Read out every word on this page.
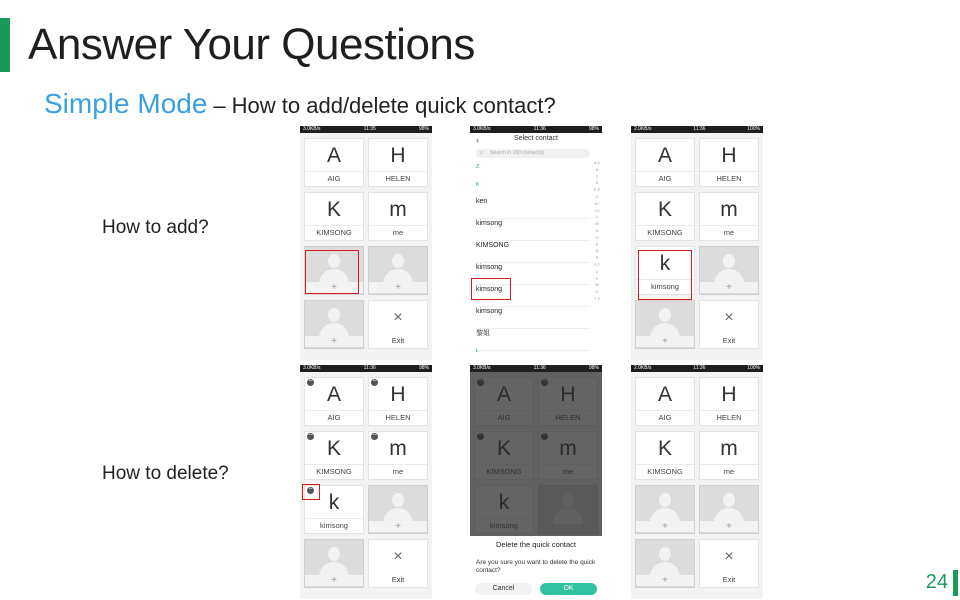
Answer Your Questions
Simple Mode – How to add/delete quick contact?
How to add?
How to delete?
3.0KB/s	11:35	98%
A
AIG
H
HELEN
K
KIMSONG
m
me
+	+
+
×
Exit
3.0KB/s	11:36	98%
‹	Select contact
⌕ Search in 180 contact(s)
Z
K
ken
kimsong
KIMSONG
kimsong
kimsong
kimsong
黎姐
L
# A B C D E F G H I J K L M N O P Q R S T U V W X Y Z
2.0KB/s	11:36	100%
A
AIG
H
HELEN
K
KIMSONG
m
me
k
kimsong	+
+
×
Exit
3.0KB/s	11:36	98%
−
A
AIG
−
H
HELEN
−
K
KIMSONG
−
m
me
−
k
kimsong	+
+
×
Exit
3.0KB/s	11:36	98%
Delete the quick contact
Are you sure you want to delete the quick contact?
Cancel	OK
2.0KB/s	11:36	100%
A
AIG
H
HELEN
K
KIMSONG
m
me
+	+
+
×
Exit	24
